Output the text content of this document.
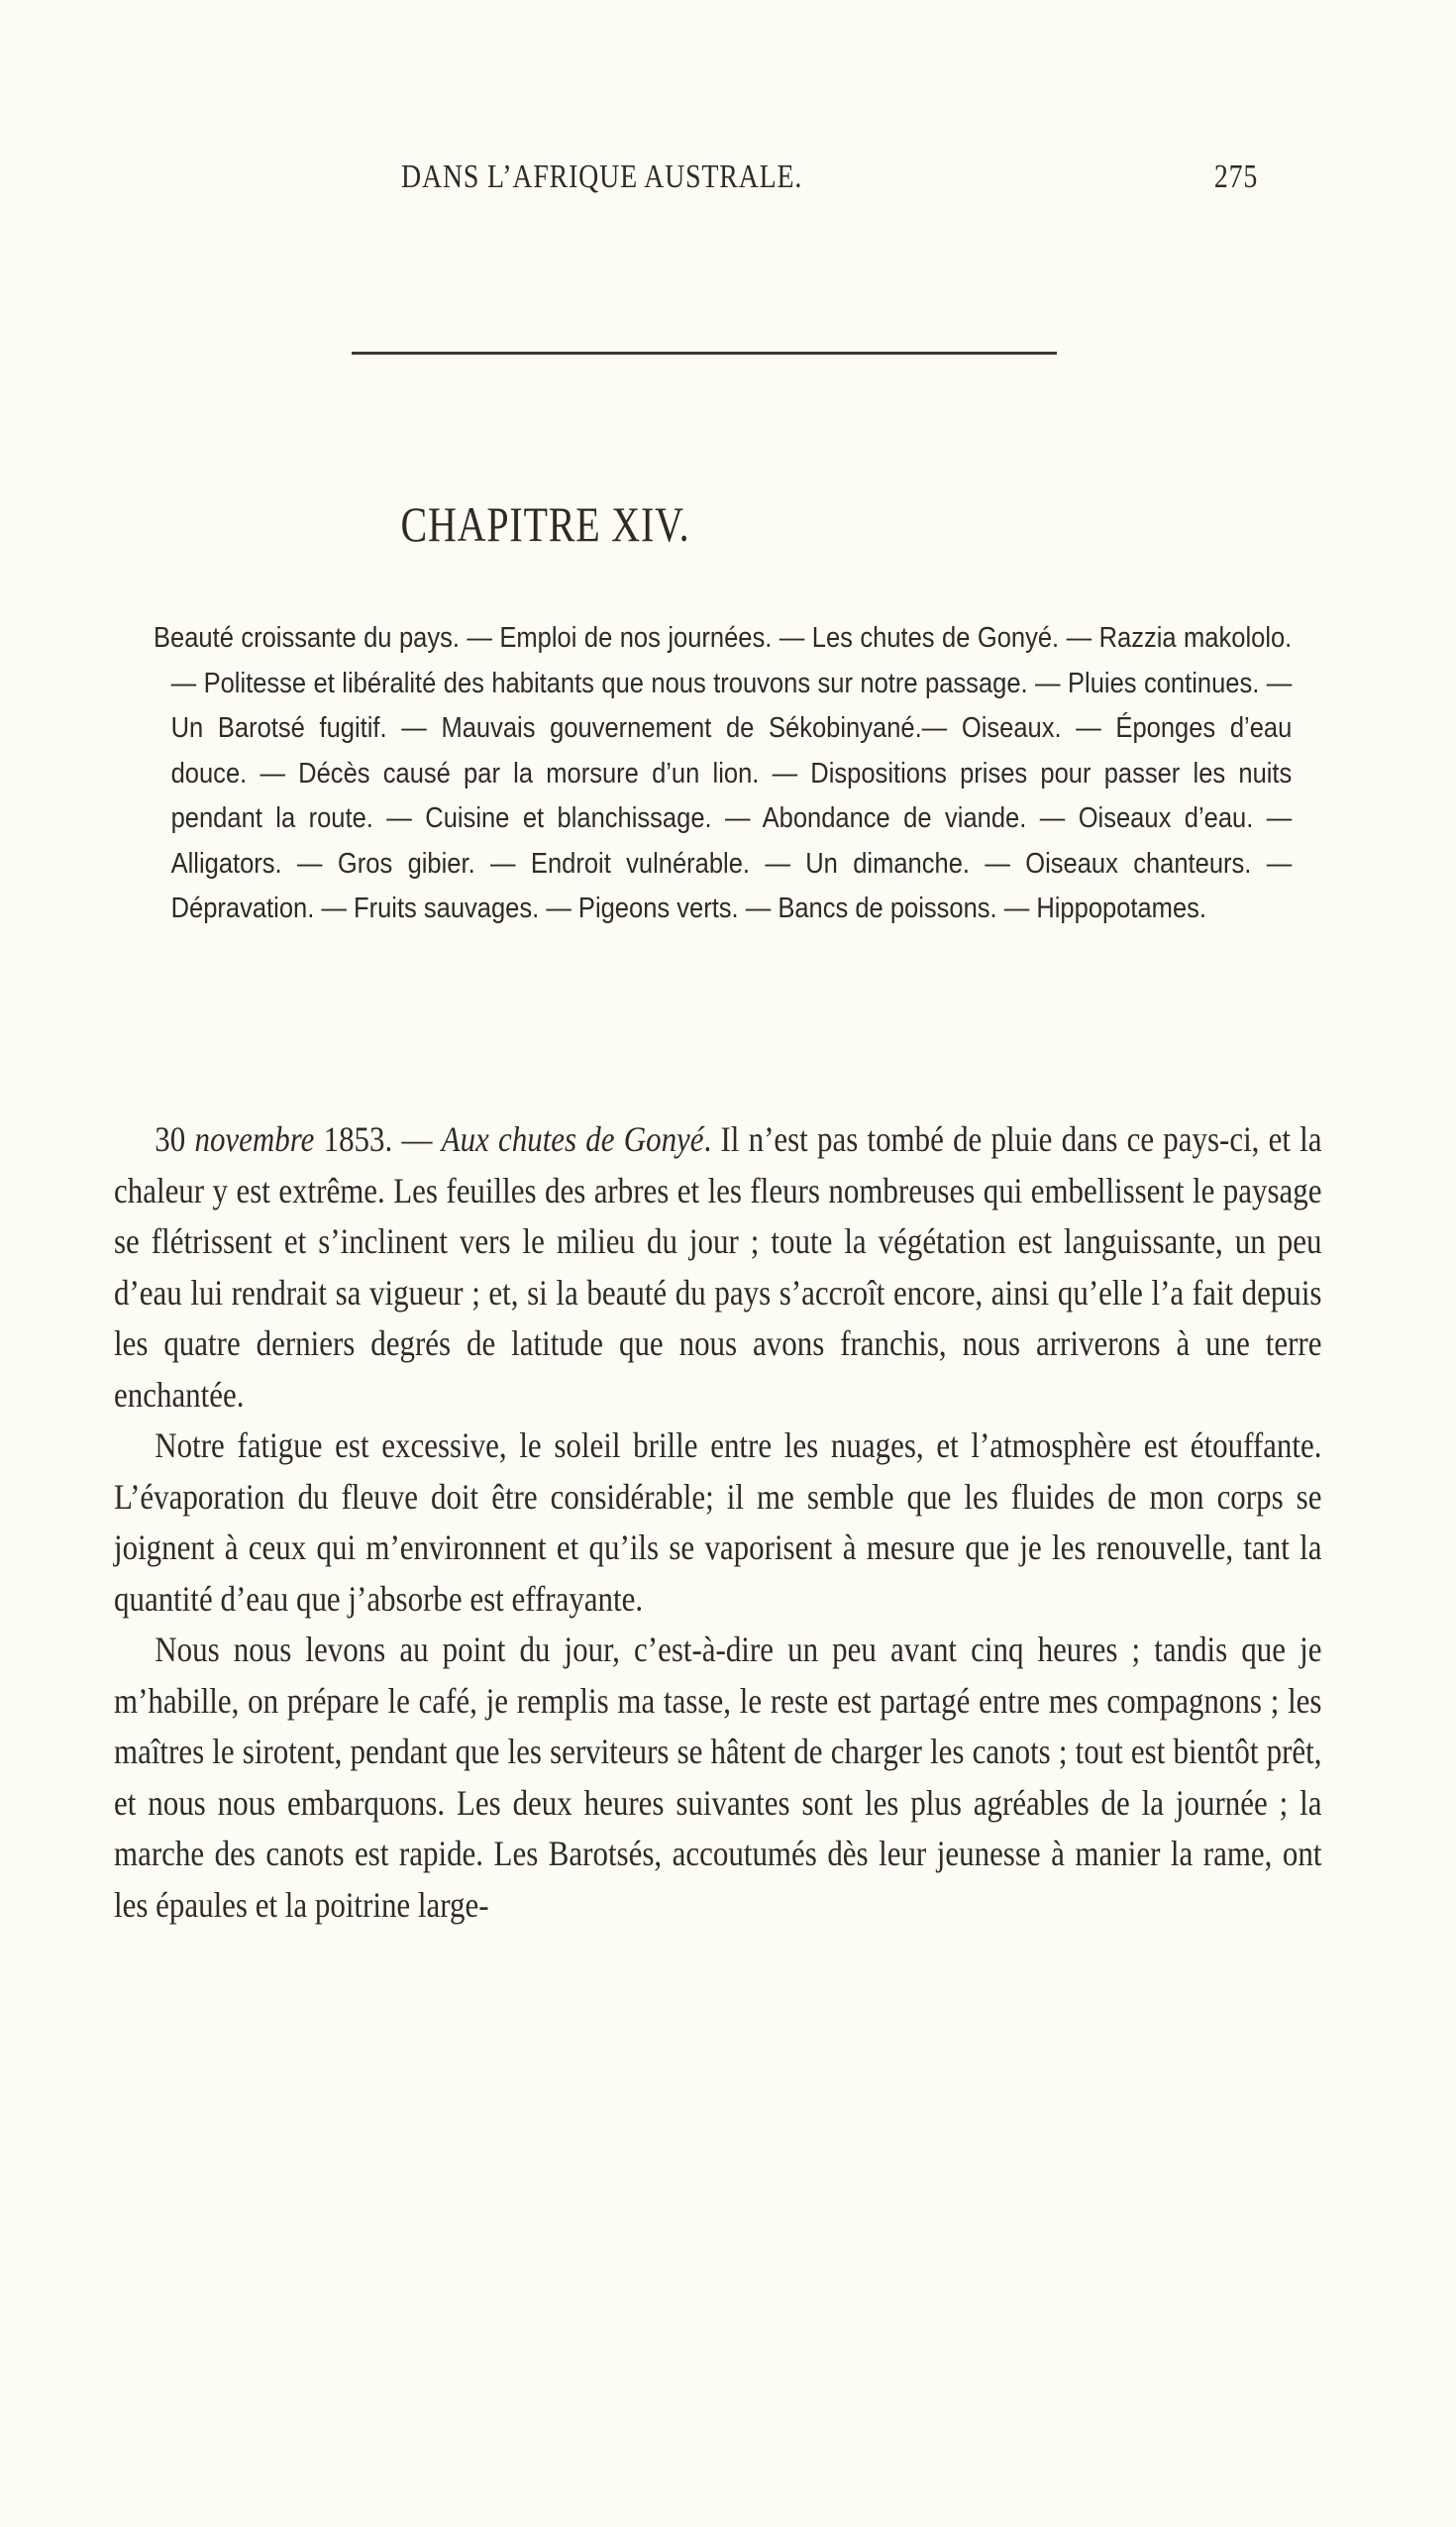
DANS L’AFRIQUE AUSTRALE.	275
CHAPITRE XIV.

Beauté croissante du pays. — Emploi de nos journées. — Les chutes de Gonyé. — Razzia makololo. — Politesse et libéralité des habitants que nous trouvons sur notre passage. — Pluies continues. — Un Barotsé fugitif. — Mauvais gouvernement de Sékobinyané.— Oiseaux. — Éponges d’eau douce. — Décès causé par la morsure d’un lion. — Dispositions prises pour passer les nuits pendant la route. — Cuisine et blanchissage. — Abondance de viande. — Oiseaux d’eau. — Alligators. — Gros gibier. — Endroit vulnérable. — Un dimanche. — Oiseaux chanteurs. — Dépravation. — Fruits sauvages. — Pigeons verts. — Bancs de poissons. — Hippopotames.

30 novembre 1853. — Aux chutes de Gonyé. Il n’est pas tombé de pluie dans ce pays-ci, et la chaleur y est extrême. Les feuilles des arbres et les fleurs nombreuses qui embellissent le paysage se flétrissent et s’inclinent vers le milieu du jour ; toute la végétation est languissante, un peu d’eau lui rendrait sa vigueur ; et, si la beauté du pays s’accroît encore, ainsi qu’elle l’a fait depuis les quatre derniers degrés de latitude que nous avons franchis, nous arriverons à une terre enchantée.

Notre fatigue est excessive, le soleil brille entre les nuages, et l’atmosphère est étouffante. L’évaporation du fleuve doit être considérable; il me semble que les fluides de mon corps se joignent à ceux qui m’environnent et qu’ils se vaporisent à mesure que je les renouvelle, tant la quantité d’eau que j’absorbe est effrayante.

Nous nous levons au point du jour, c’est-à-dire un peu avant cinq heures ; tandis que je m’habille, on prépare le café, je remplis ma tasse, le reste est partagé entre mes compagnons ; les maîtres le sirotent, pendant que les serviteurs se hâtent de charger les canots ; tout est bientôt prêt, et nous nous embarquons. Les deux heures suivantes sont les plus agréables de la journée ; la marche des canots est rapide. Les Barotsés, accoutumés dès leur jeunesse à manier la rame, ont les épaules et la poitrine large-
